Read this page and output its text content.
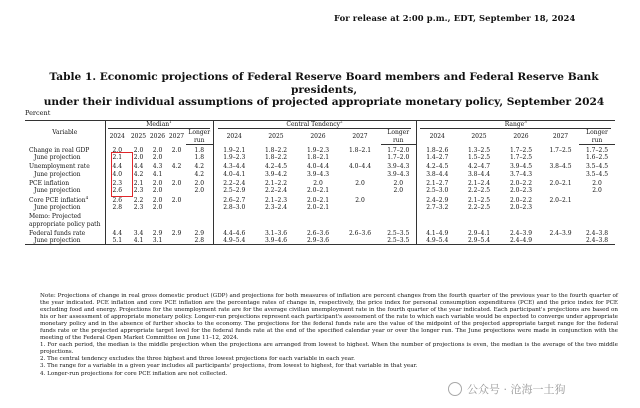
For release at 2:00 p.m., EDT, September 18, 2024
Table 1. Economic projections of Federal Reserve Board members and Federal Reserve Bank presidents,
under their individual assumptions of projected appropriate monetary policy, September 2024
Percent
Variable	Median$^1$					Central Tendency$^2$					Range$^3$
	2024	2025	2026	2027	Longer	2024	2025	2026	2027	Longer	2024	2025	2026	2027	Longer
					run					run					run

Change in real GDP	2.0	2.0	2.0	2.0	1.8	1.9–2.1	1.8–2.2	1.9–2.3	1.8–2.1	1.7–2.0	1.8–2.6	1.3–2.5	1.7–2.5	1.7–2.5	1.7–2.5
June projection	2.1	2.0	2.0		1.8	1.9–2.3	1.8–2.2	1.8–2.1		1.7–2.0	1.4–2.7	1.5–2.5	1.7–2.5		1.6–2.5

Unemployment rate	4.4	4.4	4.3	4.2	4.2	4.3–4.4	4.2–4.5	4.0–4.4	4.0–4.4	3.9–4.3	4.2–4.5	4.2–4.7	3.9–4.5	3.8–4.5	3.5–4.5
June projection	4.0	4.2	4.1		4.2	4.0–4.1	3.9–4.2	3.9–4.3		3.9–4.3	3.8–4.4	3.8–4.4	3.7–4.3		3.5–4.5

PCE inflation	2.3	2.1	2.0	2.0	2.0	2.2–2.4	2.1–2.2	2.0	2.0	2.0	2.1–2.7	2.1–2.4	2.0–2.2	2.0–2.1	2.0
June projection	2.6	2.3	2.0		2.0	2.5–2.9	2.2–2.4	2.0–2.1		2.0	2.5–3.0	2.2–2.5	2.0–2.3		2.0

Core PCE inflation$^4$	2.6	2.2	2.0	2.0		2.6–2.7	2.1–2.3	2.0–2.1	2.0		2.4–2.9	2.1–2.5	2.0–2.2	2.0–2.1	
June projection	2.8	2.3	2.0			2.8–3.0	2.3–2.4	2.0–2.1			2.7–3.2	2.2–2.5	2.0–2.3		

Memo: Projected															
appropriate policy path															

Federal funds rate	4.4	3.4	2.9	2.9	2.9	4.4–4.6	3.1–3.6	2.6–3.6	2.6–3.6	2.5–3.5	4.1–4.9	2.9–4.1	2.4–3.9	2.4–3.9	2.4–3.8
June projection	5.1	4.1	3.1		2.8	4.9–5.4	3.9–4.6	2.9–3.6		2.5–3.5	4.9–5.4	2.9–5.4	2.4–4.9		2.4–3.8
Note: Projections of change in real gross domestic product (GDP) and projections for both measures of inflation are percent changes from the fourth quarter of the previous year to the fourth quarter of the year indicated. PCE inflation and core PCE inflation are the percentage rates of change in, respectively, the price index for personal consumption expenditures (PCE) and the price index for PCE excluding food and energy. Projections for the unemployment rate are for the average civilian unemployment rate in the fourth quarter of the year indicated. Each participant's projections are based on his or her assessment of appropriate monetary policy. Longer-run projections represent each participant's assessment of the rate to which each variable would be expected to converge under appropriate monetary policy and in the absence of further shocks to the economy. The projections for the federal funds rate are the value of the midpoint of the projected appropriate target range for the federal funds rate or the projected appropriate target level for the federal funds rate at the end of the specified calendar year or over the longer run. The June projections were made in conjunction with the meeting of the Federal Open Market Committee on June 11–12, 2024.
1. For each period, the median is the middle projection when the projections are arranged from lowest to highest. When the number of projections is even, the median is the average of the two middle projections.
2. The central tendency excludes the three highest and three lowest projections for each variable in each year.
3. The range for a variable in a given year includes all participants' projections, from lowest to highest, for that variable in that year.
4. Longer-run projections for core PCE inflation are not collected.
公众号 · 沧海一土狗
